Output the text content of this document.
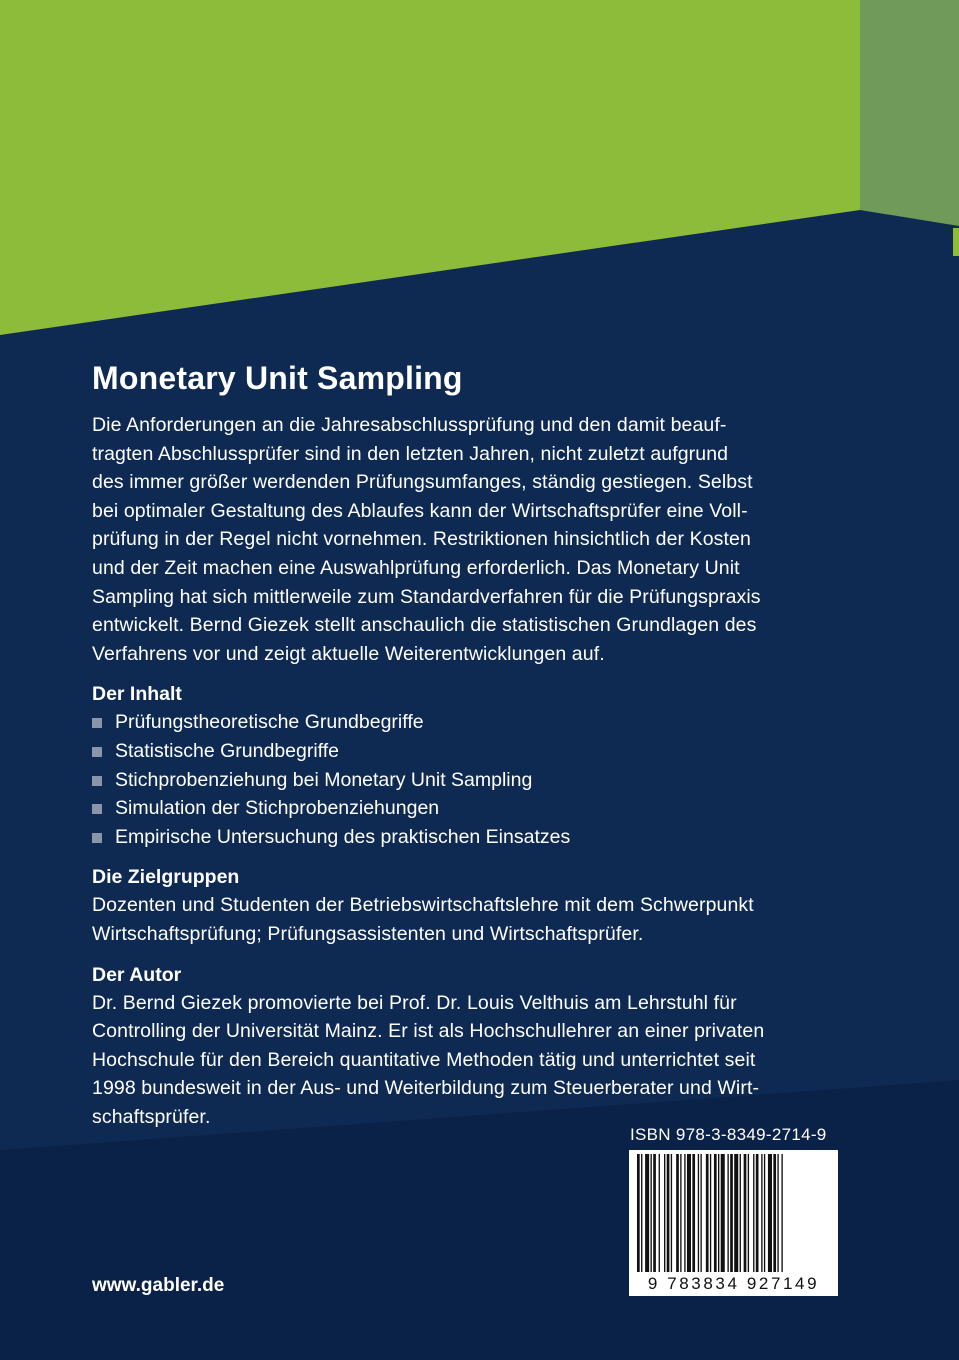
Monetary Unit Sampling
Die Anforderungen an die Jahresabschlussprüfung und den damit beauf-
tragten Abschlussprüfer sind in den letzten Jahren, nicht zuletzt aufgrund
des immer größer werdenden Prüfungsumfanges, ständig gestiegen. Selbst
bei optimaler Gestaltung des Ablaufes kann der Wirtschaftsprüfer eine Voll-
prüfung in der Regel nicht vornehmen. Restriktionen hinsichtlich der Kosten
und der Zeit machen eine Auswahlprüfung erforderlich. Das Monetary Unit
Sampling hat sich mittlerweile zum Standardverfahren für die Prüfungspraxis
entwickelt. Bernd Giezek stellt anschaulich die statistischen Grundlagen des
Verfahrens vor und zeigt aktuelle Weiterentwicklungen auf.
Der Inhalt
Prüfungstheoretische Grundbegriffe
Statistische Grundbegriffe
Stichprobenziehung bei Monetary Unit Sampling
Simulation der Stichprobenziehungen
Empirische Untersuchung des praktischen Einsatzes
Die Zielgruppen
Dozenten und Studenten der Betriebswirtschaftslehre mit dem Schwerpunkt
Wirtschaftsprüfung; Prüfungsassistenten und Wirtschaftsprüfer.
Der Autor
Dr. Bernd Giezek promovierte bei Prof. Dr. Louis Velthuis am Lehrstuhl für
Controlling der Universität Mainz. Er ist als Hochschullehrer an einer privaten
Hochschule für den Bereich quantitative Methoden tätig und unterrichtet seit
1998 bundesweit in der Aus- und Weiterbildung zum Steuerberater und Wirt-
schaftsprüfer.
ISBN 978-3-8349-2714-9
9 783834 927149
www.gabler.de
